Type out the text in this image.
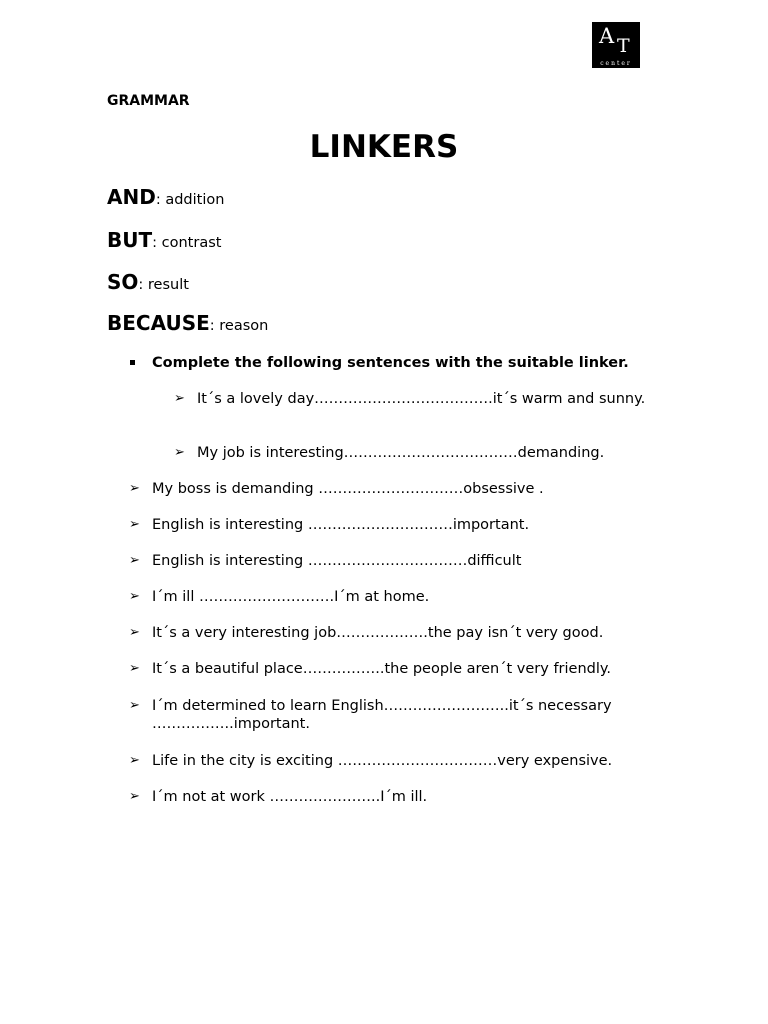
A T
center
GRAMMAR
LINKERS
AND: addition
BUT: contrast
SO: result
BECAUSE: reason
Complete the following sentences with the suitable linker.
➢ It´s a lovely day……………………………….it´s warm and sunny.
➢ My job is interesting………………………………demanding.
➢ My boss is demanding …………………………obsessive .
➢ English is interesting …………………………important.
➢ English is interesting ……………………………difficult
➢ I´m ill ……………………….I´m at home.
➢ It´s a very interesting job……………….the pay isn´t very good.
➢ It´s a beautiful place……………..the people aren´t very friendly.
➢ I´m determined to learn English……………………..it´s necessary ……………..important.
➢ Life in the city is exciting ……………………………very expensive.
➢ I´m not at work …………………..I´m ill.
